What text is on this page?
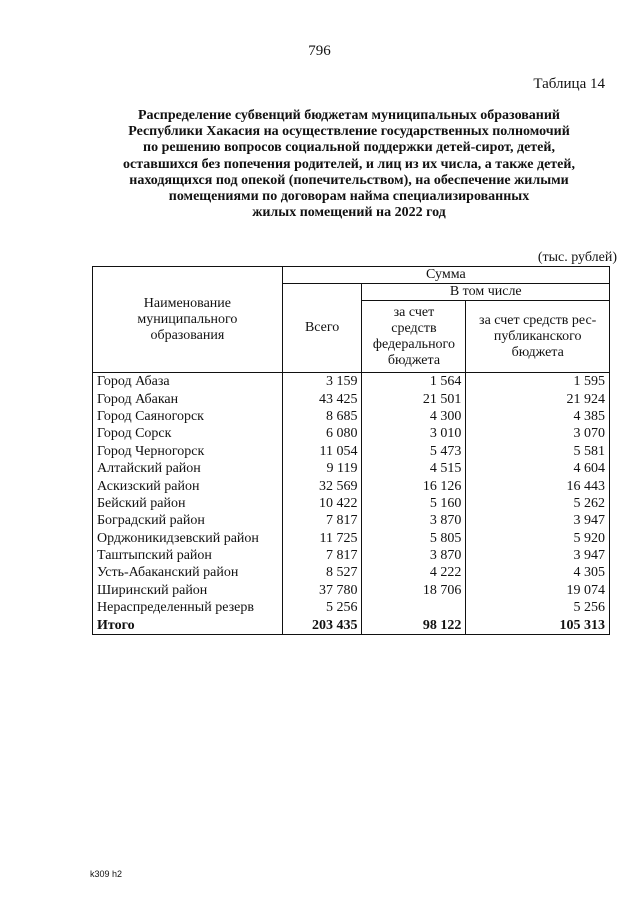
796
Таблица 14
Распределение субвенций бюджетам муниципальных образований
Республики Хакасия на осуществление государственных полномочий
по решению вопросов социальной поддержки детей-сирот, детей,
оставшихся без попечения родителей, и лиц из их числа, а также детей,
находящихся под опекой (попечительством), на обеспечение жилыми
помещениями по договорам найма специализированных
жилых помещений на 2022 год
(тыс. рублей)
Наименование муниципального образования	Сумма		
	Всего	В том числе	
		за счет средств федерального бюджета	за счет средств рес-публиканского бюджета
Город Абаза	3 159	1 564	1 595
Город Абакан	43 425	21 501	21 924
Город Саяногорск	8 685	4 300	4 385
Город Сорск	6 080	3 010	3 070
Город Черногорск	11 054	5 473	5 581
Алтайский район	9 119	4 515	4 604
Аскизский район	32 569	16 126	16 443
Бейский район	10 422	5 160	5 262
Боградский район	7 817	3 870	3 947
Орджоникидзевский район	11 725	5 805	5 920
Таштыпский район	7 817	3 870	3 947
Усть-Абаканский район	8 527	4 222	4 305
Ширинский район	37 780	18 706	19 074
Нераспределенный резерв	5 256		5 256
Итого	203 435	98 122	105 313
k309 h2
